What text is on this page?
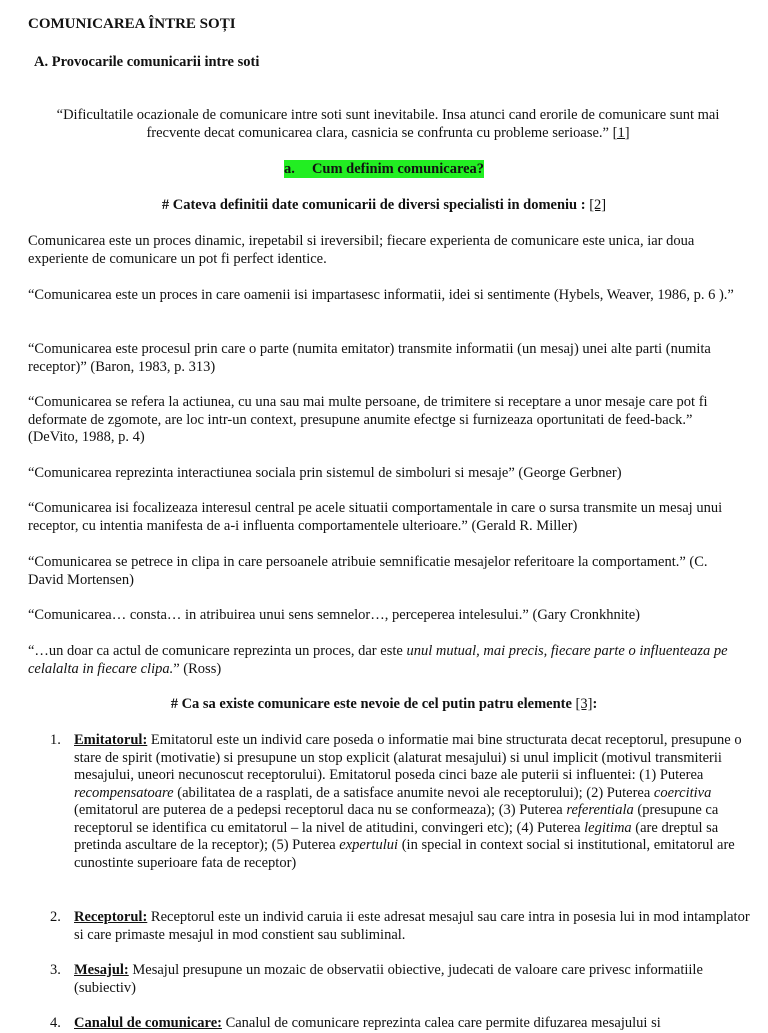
COMUNICAREA ÎNTRE SOȚI

A. Provocarile comunicarii intre soti

“Dificultatile ocazionale de comunicare intre soti sunt inevitabile. Insa atunci cand erorile de comunicare sunt mai frecvente decat comunicarea clara, casnicia se confrunta cu probleme serioase.” [1]

a. Cum definim comunicarea?

# Cateva definitii date comunicarii de diversi specialisti in domeniu : [2]

Comunicarea este un proces dinamic, irepetabil si ireversibil; fiecare experienta de comunicare este unica, iar doua experiente de comunicare un pot fi perfect identice.

“Comunicarea este un proces in care oamenii isi impartasesc informatii, idei si sentimente (Hybels, Weaver, 1986, p. 6 ).”

“Comunicarea este procesul prin care o parte (numita emitator) transmite informatii (un mesaj) unei alte parti (numita receptor)” (Baron, 1983, p. 313)

“Comunicarea se refera la actiunea, cu una sau mai multe persoane, de trimitere si receptare a unor mesaje care pot fi deformate de zgomote, are loc intr-un context, presupune anumite efectge si furnizeaza oportunitati de feed-back.” (DeVito, 1988, p. 4)

“Comunicarea reprezinta interactiunea sociala prin sistemul de simboluri si mesaje” (George Gerbner)

“Comunicarea isi focalizeaza interesul central pe acele situatii comportamentale in care o sursa transmite un mesaj unui receptor, cu intentia manifesta de a-i influenta comportamentele ulterioare.” (Gerald R. Miller)

“Comunicarea se petrece in clipa in care persoanele atribuie semnificatie mesajelor referitoare la comportament.” (C. David Mortensen)

“Comunicarea… consta… in atribuirea unui sens semnelor…, perceperea intelesului.” (Gary Cronkhnite)

“…un doar ca actul de comunicare reprezinta un proces, dar este unul mutual, mai precis, fiecare parte o influenteaza pe celalalta in fiecare clipa.” (Ross)

# Ca sa existe comunicare este nevoie de cel putin patru elemente [3]:

1. Emitatorul: Emitatorul este un individ care poseda o informatie mai bine structurata decat receptorul, presupune o stare de spirit (motivatie) si presupune un stop explicit (alaturat mesajului) si unul implicit (motivul transmiterii mesajului, uneori necunoscut receptorului). Emitatorul poseda cinci baze ale puterii si influentei: (1) Puterea recompensatoare (abilitatea de a rasplati, de a satisface anumite nevoi ale receptorului); (2) Puterea coercitiva (emitatorul are puterea de a pedepsi receptorul daca nu se conformeaza); (3) Puterea referentiala (presupune ca receptorul se identifica cu emitatorul – la nivel de atitudini, convingeri etc); (4) Puterea legitima (are dreptul sa pretinda ascultare de la receptor); (5) Puterea expertului (in special in context social si institutional, emitatorul are cunostinte superioare fata de receptor)
2. Receptorul: Receptorul este un individ caruia ii este adresat mesajul sau care intra in posesia lui in mod intamplator si care primaste mesajul in mod constient sau subliminal.
3. Mesajul: Mesajul presupune un mozaic de observatii obiective, judecati de valoare care privesc informatiile (subiectiv)
4. Canalul de comunicare: Canalul de comunicare reprezinta calea care permite difuzarea mesajului si
